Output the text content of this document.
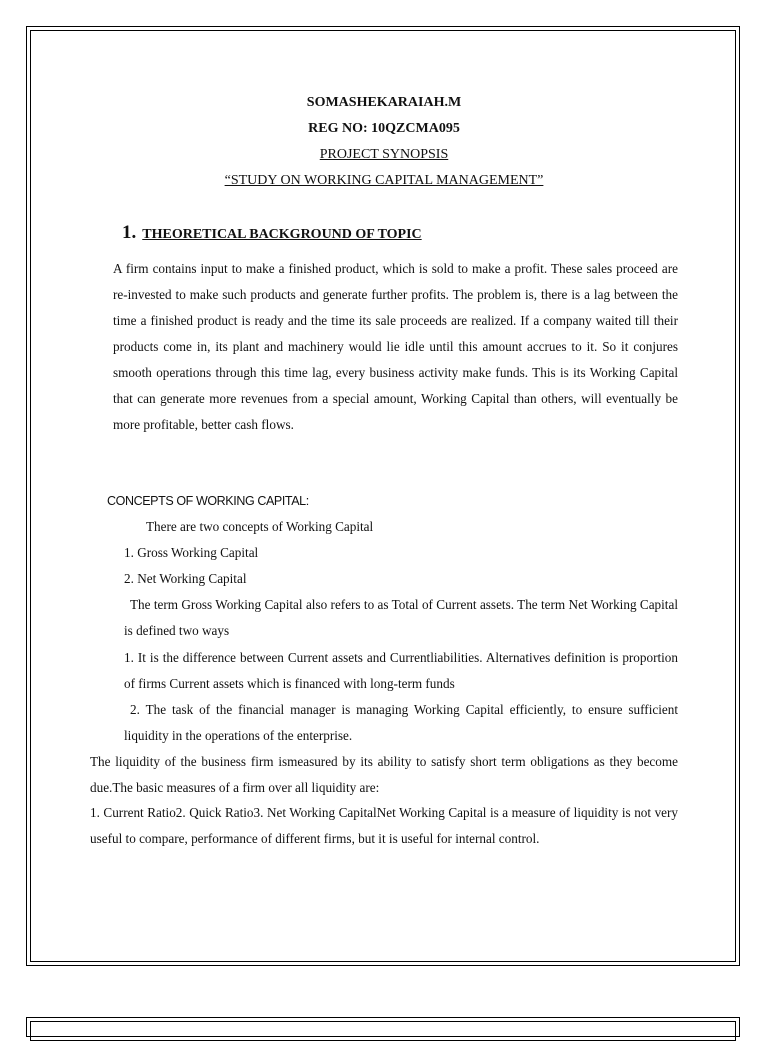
SOMASHEKARAIAH.M
REG NO: 10QZCMA095
PROJECT SYNOPSIS
“STUDY ON WORKING CAPITAL MANAGEMENT”
1. THEORETICAL BACKGROUND OF TOPIC
A firm contains input to make a finished product, which is sold to make a profit. These sales proceed are re-invested to make such products and generate further profits. The problem is, there is a lag between the time a finished product is ready and the time its sale proceeds are realized. If a company waited till their products come in, its plant and machinery would lie idle until this amount accrues to it. So it conjures smooth operations through this time lag, every business activity make funds. This is its Working Capital that can generate more revenues from a special amount, Working Capital than others, will eventually be more profitable, better cash flows.
CONCEPTS OF WORKING CAPITAL:
There are two concepts of Working Capital
1. Gross Working Capital
2. Net Working Capital
The term Gross Working Capital also refers to as Total of Current assets. The term Net Working Capital is defined two ways
1. It is the difference between Current assets and Currentliabilities. Alternatives definition is proportion of firms Current assets which is financed with long-term funds
2. The task of the financial manager is managing Working Capital efficiently, to ensure sufficient liquidity in the operations of the enterprise.
The liquidity of the business firm ismeasured by its ability to satisfy short term obligations as they become due.The basic measures of a firm over all liquidity are:
1. Current Ratio2. Quick Ratio3. Net Working CapitalNet Working Capital is a measure of liquidity is not very useful to compare, performance of different firms, but it is useful for internal control.
